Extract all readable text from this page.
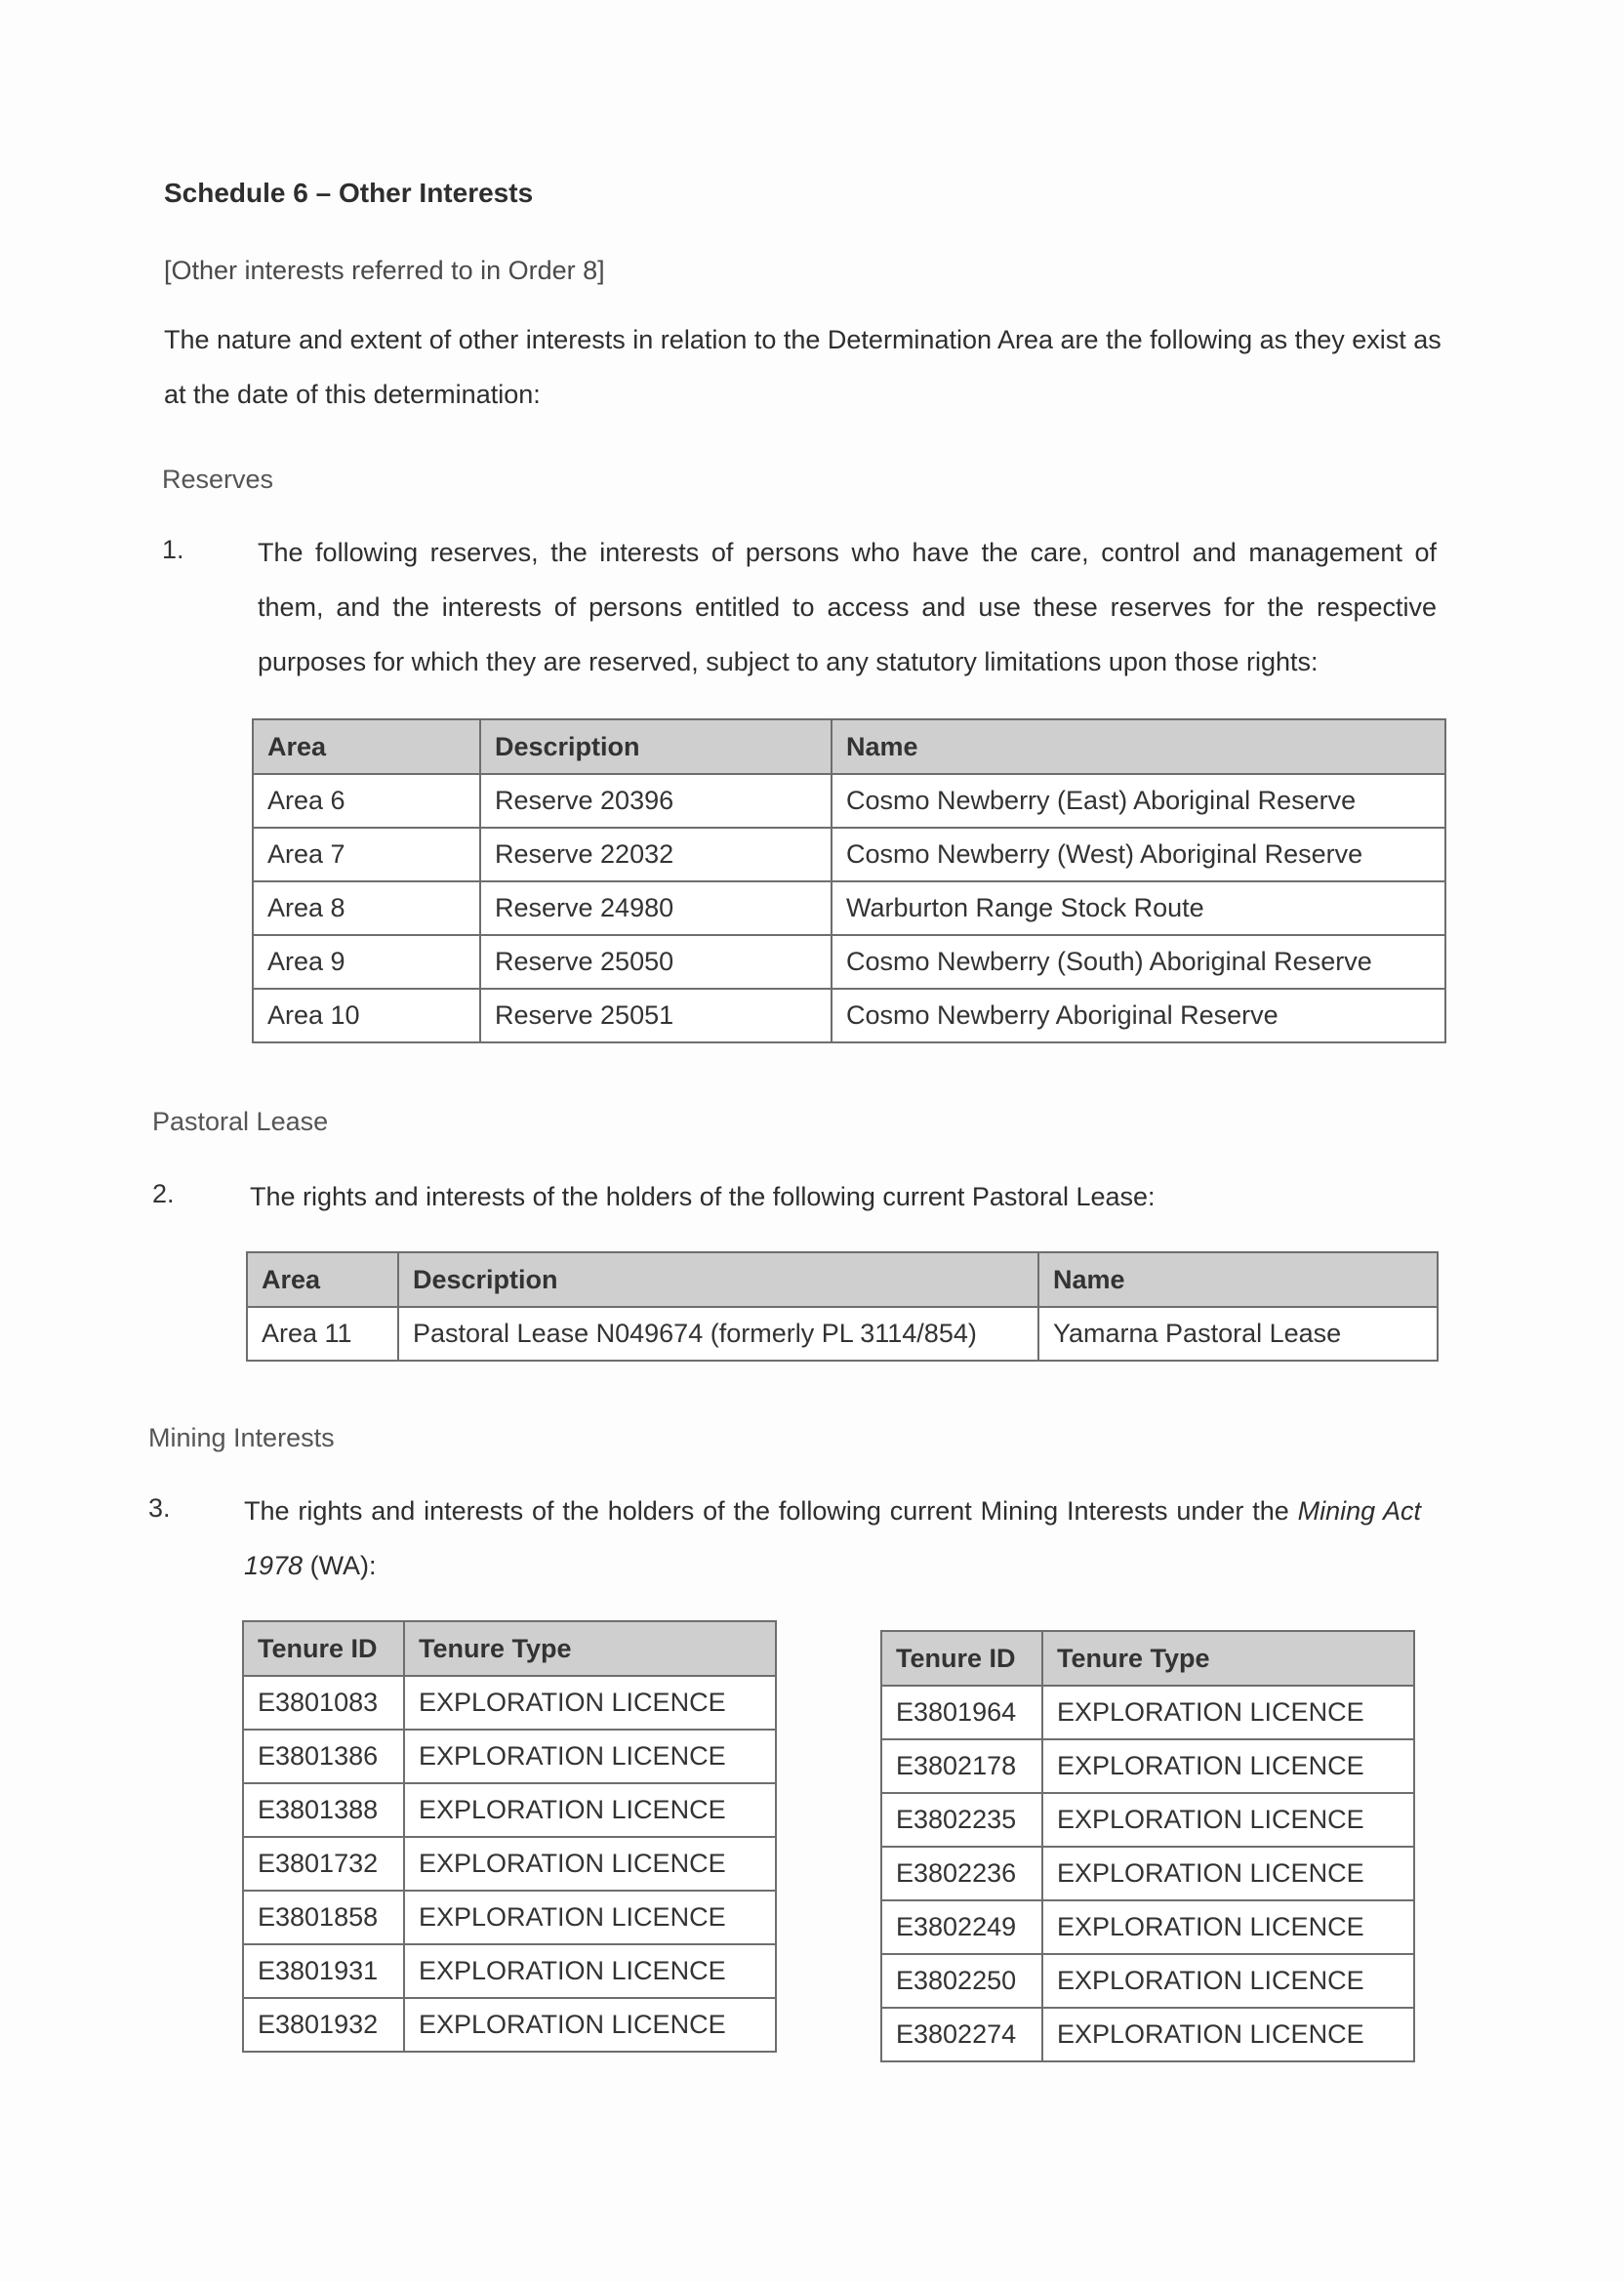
Schedule 6 – Other Interests
[Other interests referred to in Order 8]
The nature and extent of other interests in relation to the Determination Area are the following as they exist as at the date of this determination:
Reserves
1.	The following reserves, the interests of persons who have the care, control and management of them, and the interests of persons entitled to access and use these reserves for the respective purposes for which they are reserved, subject to any statutory limitations upon those rights:
Area	Description	Name
Area 6	Reserve 20396	Cosmo Newberry (East) Aboriginal Reserve
Area 7	Reserve 22032	Cosmo Newberry (West) Aboriginal Reserve
Area 8	Reserve 24980	Warburton Range Stock Route
Area 9	Reserve 25050	Cosmo Newberry (South) Aboriginal Reserve
Area 10	Reserve 25051	Cosmo Newberry Aboriginal Reserve
Pastoral Lease
2.	The rights and interests of the holders of the following current Pastoral Lease:
Area	Description	Name
Area 11	Pastoral Lease N049674 (formerly PL 3114/854)	Yamarna Pastoral Lease
Mining Interests
3.	The rights and interests of the holders of the following current Mining Interests under the Mining Act 1978 (WA):
Tenure ID	Tenure Type
E3801083	EXPLORATION LICENCE
E3801386	EXPLORATION LICENCE
E3801388	EXPLORATION LICENCE
E3801732	EXPLORATION LICENCE
E3801858	EXPLORATION LICENCE
E3801931	EXPLORATION LICENCE
E3801932	EXPLORATION LICENCE
Tenure ID	Tenure Type
E3801964	EXPLORATION LICENCE
E3802178	EXPLORATION LICENCE
E3802235	EXPLORATION LICENCE
E3802236	EXPLORATION LICENCE
E3802249	EXPLORATION LICENCE
E3802250	EXPLORATION LICENCE
E3802274	EXPLORATION LICENCE
